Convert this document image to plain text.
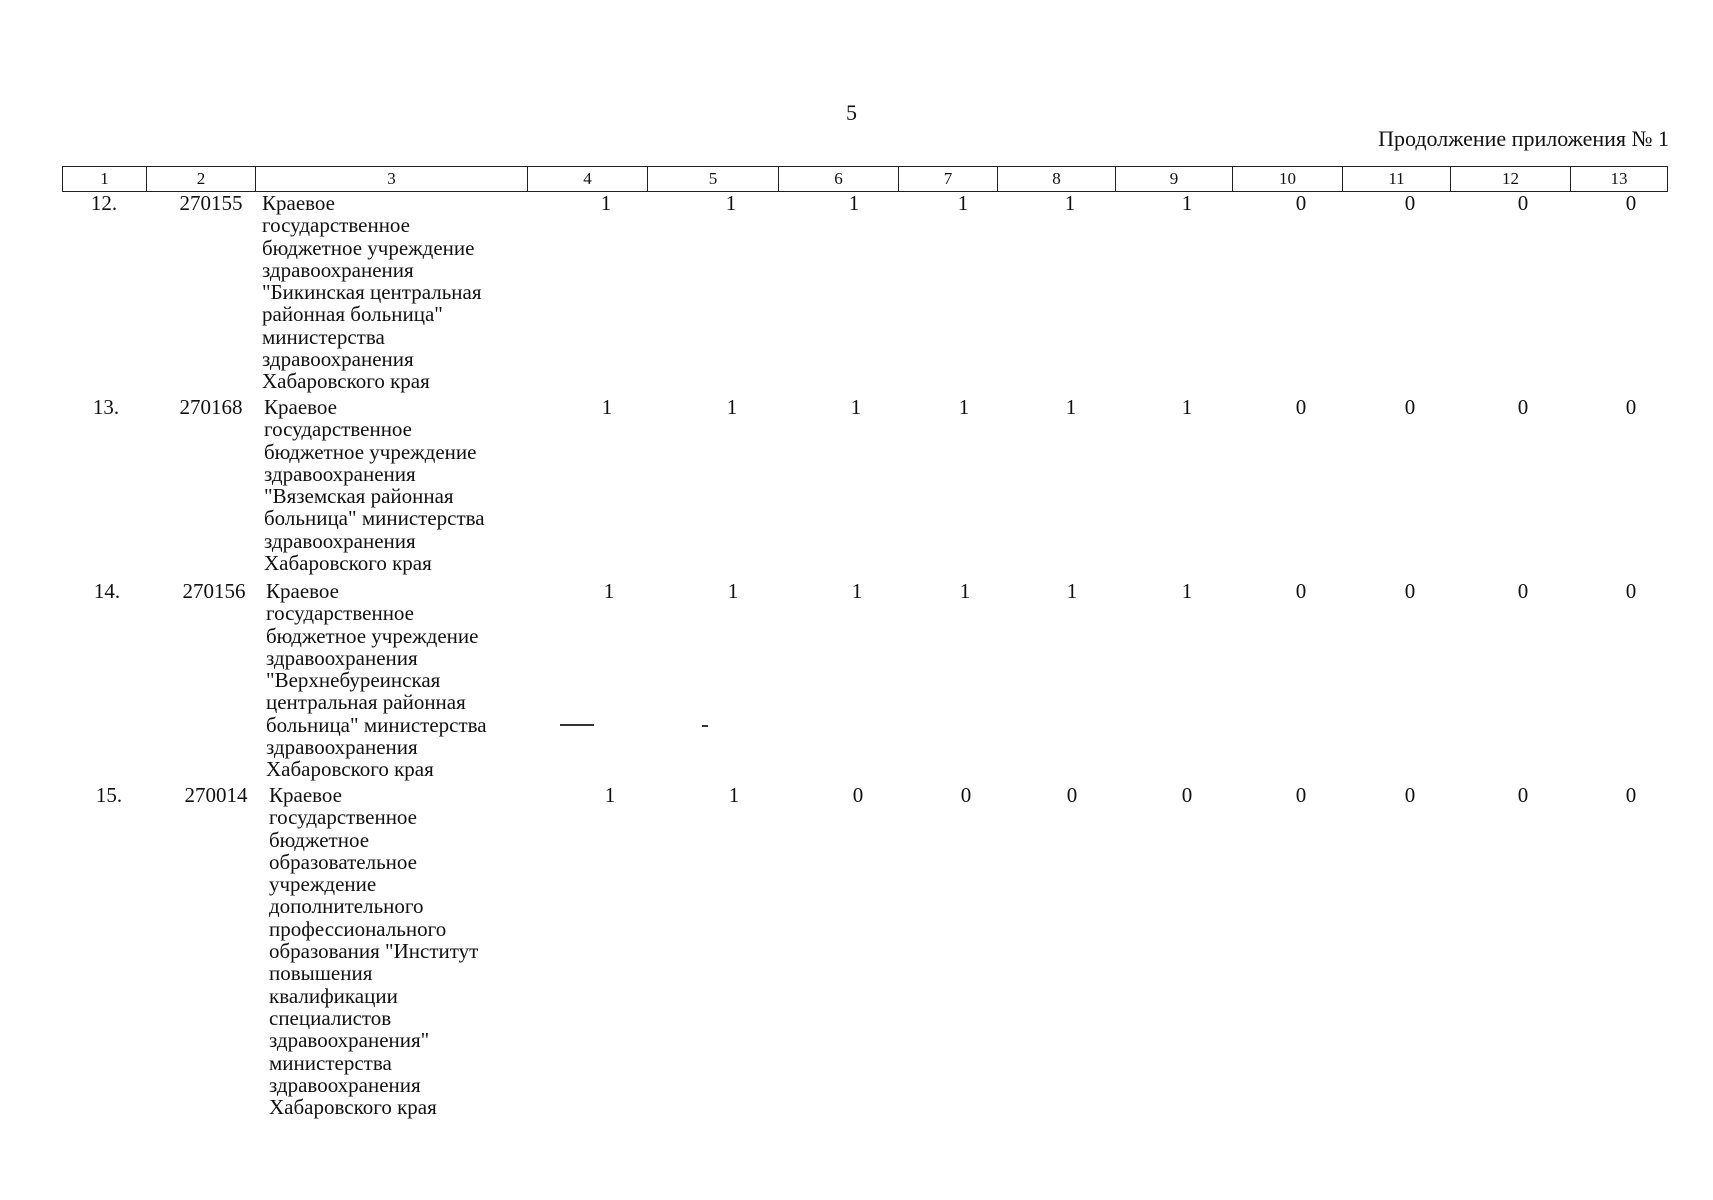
5
Продолжение приложения № 1
1	2	3	4	5	6	7	8	9	10	11	12	13
12.	270155 Краевое
государственное
бюджетное учреждение
здравоохранения
"Бикинская центральная
районная больница"
министерства
здравоохранения
Хабаровского края
1	1	1	1	1	1	0	0	0	0
13.	270168	Краевое
государственное
бюджетное учреждение
здравоохранения
"Вяземская районная
больница" министерства
здравоохранения
Хабаровского края
1	1	1	1	1	1	0	0	0	0
14.	270156 Краевое
государственное
бюджетное учреждение
здравоохранения
"Верхнебуреинская
центральная районная
больница" министерства
здравоохранения
Хабаровского края
1	1	1	1	1	1	0	0	0	0
15.	270014	Краевое
государственное
бюджетное
образовательное
учреждение
дополнительного
профессионального
образования "Институт
повышения
квалификации
специалистов
здравоохранения"
министерства
здравоохранения
Хабаровского края
1	1	0	0	0	0	0	0	0	0
